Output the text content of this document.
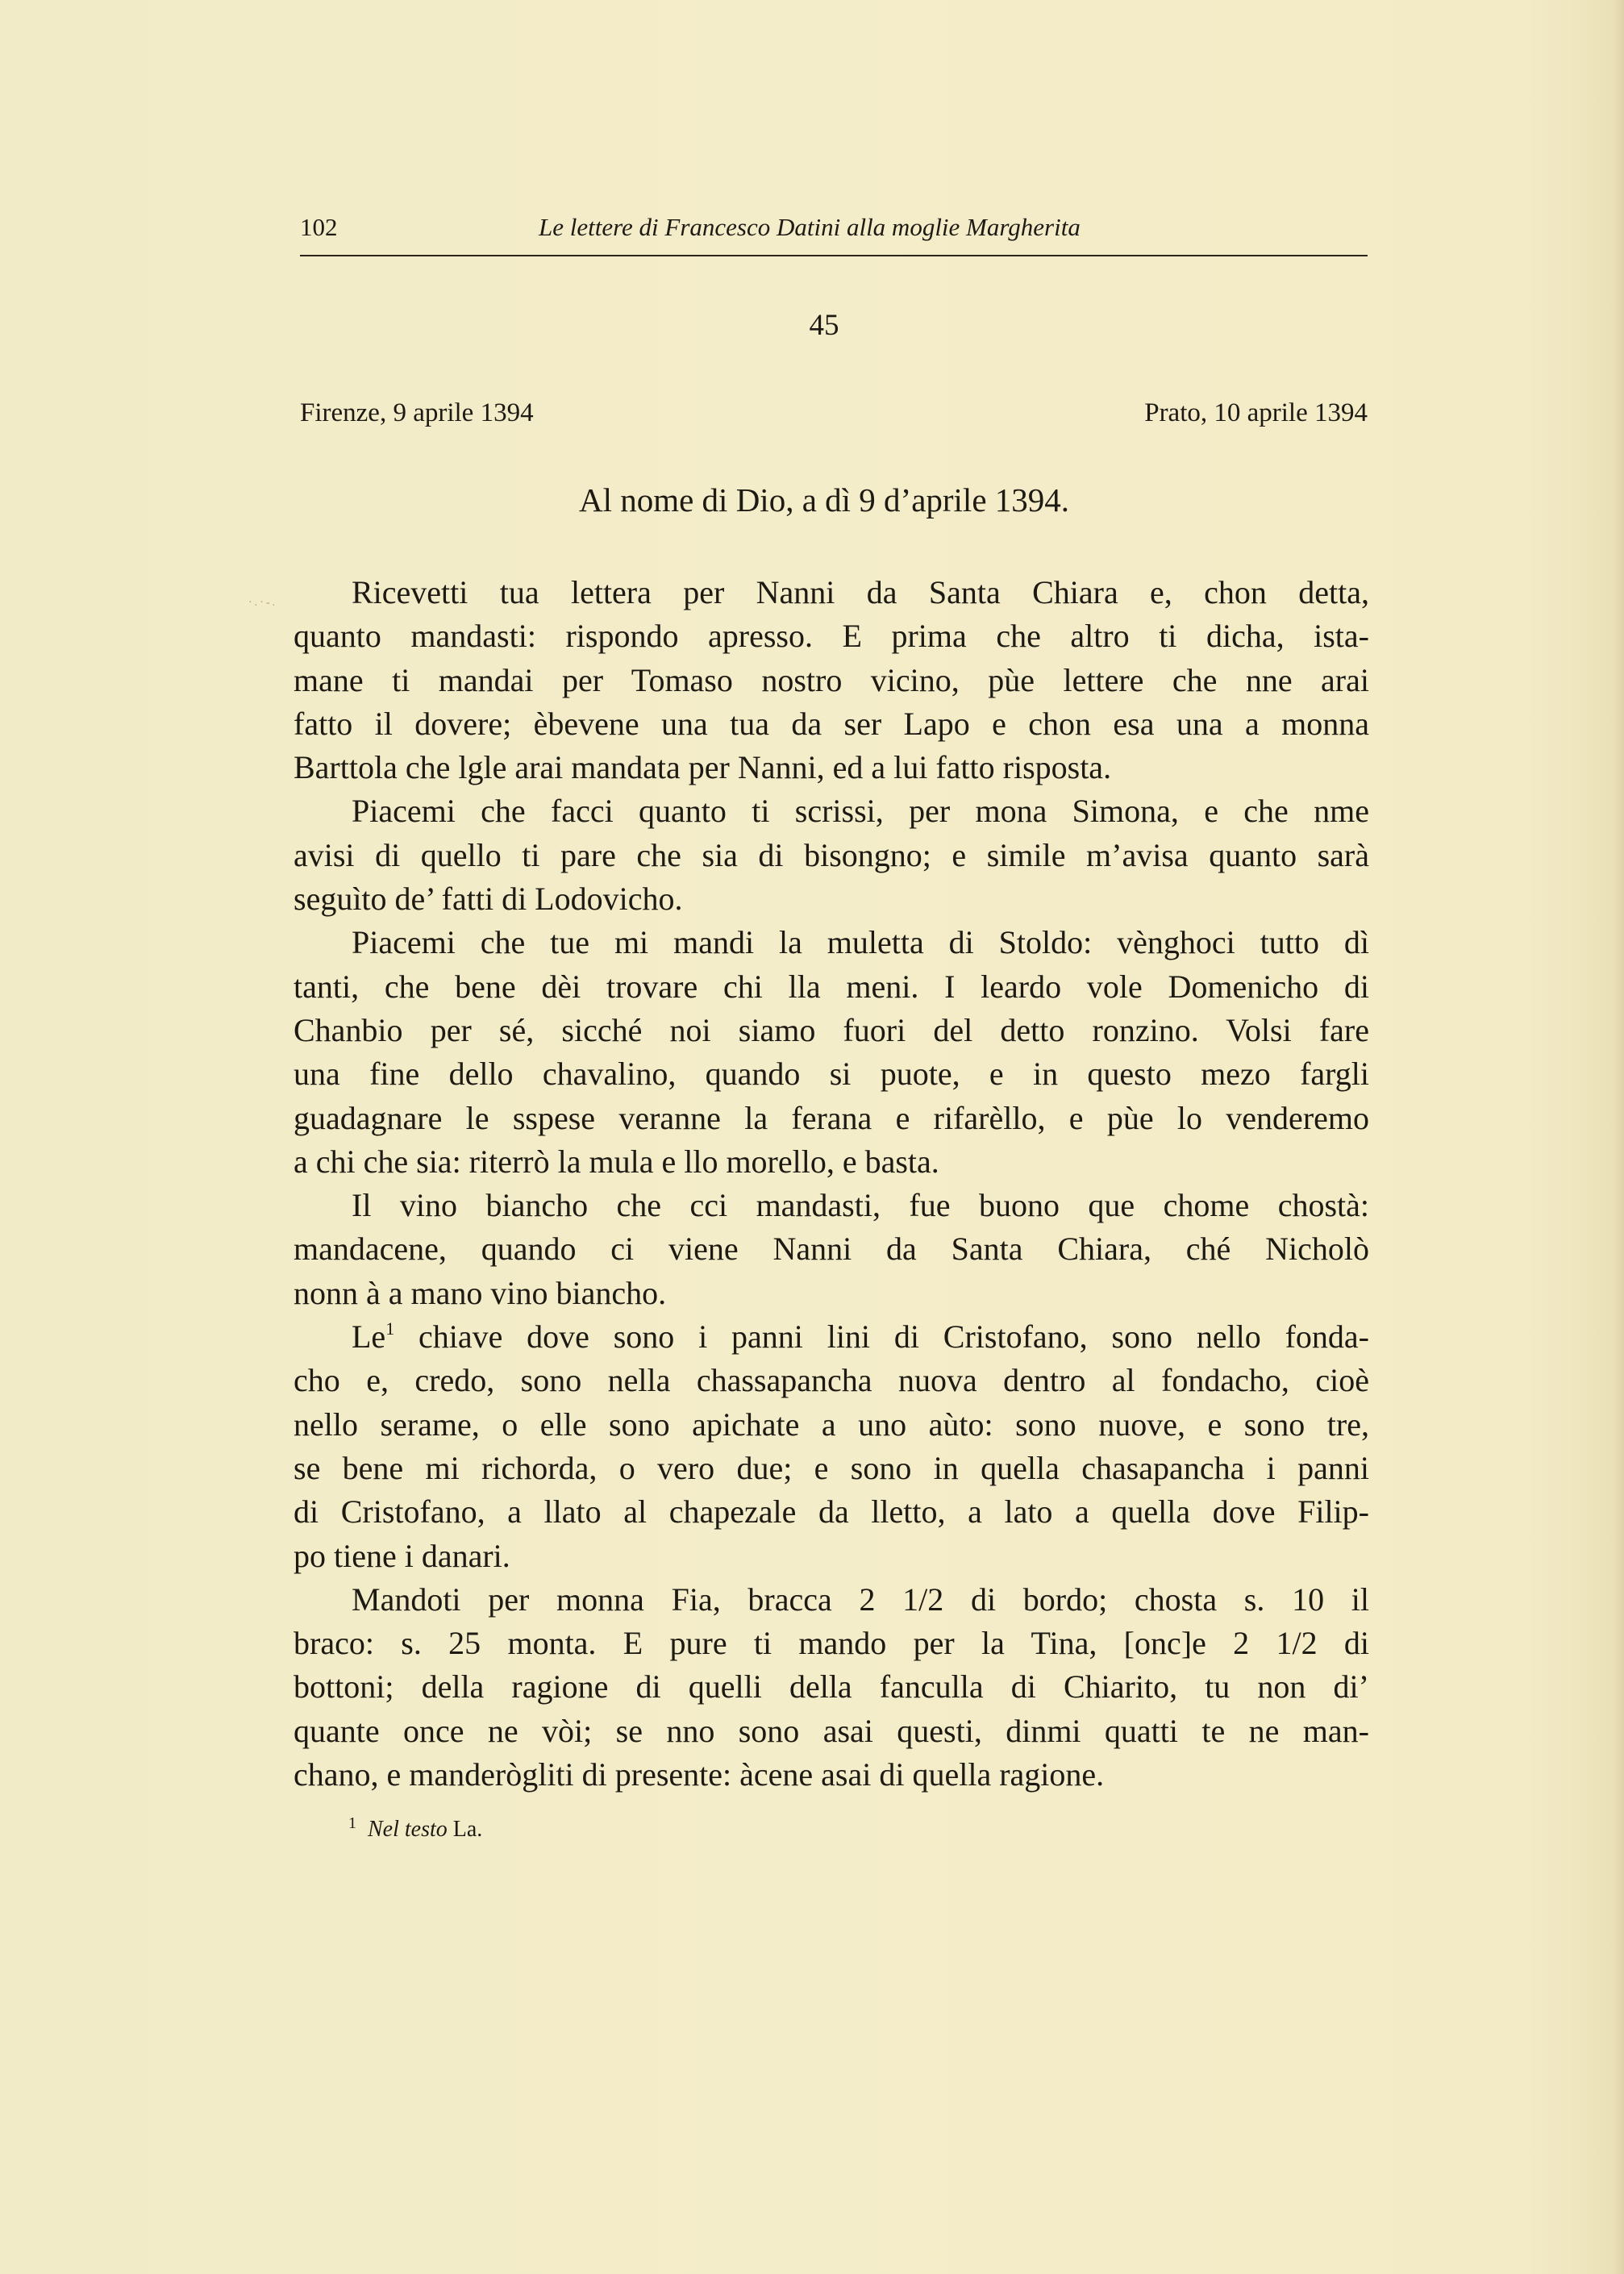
102	Le lettere di Francesco Datini alla moglie Margherita
45
Firenze, 9 aprile 1394	Prato, 10 aprile 1394
Al nome di Dio, a dì 9 d’aprile 1394.
·.·‐.	Ricevetti tua lettera per Nanni da Santa Chiara e, chon detta,
quanto mandasti: rispondo apresso. E prima che altro ti dicha, ista-
mane ti mandai per Tomaso nostro vicino, pùe lettere che nne arai
fatto il dovere; èbevene una tua da ser Lapo e chon esa una a monna
Barttola che lgle arai mandata per Nanni, ed a lui fatto risposta.

Piacemi che facci quanto ti scrissi, per mona Simona, e che nme
avisi di quello ti pare che sia di bisongno; e simile m’avisa quanto sarà
seguìto de’ fatti di Lodovicho.

Piacemi che tue mi mandi la muletta di Stoldo: vènghoci tutto dì
tanti, che bene dèi trovare chi lla meni. I leardo vole Domenicho di
Chanbio per sé, sicché noi siamo fuori del detto ronzino. Volsi fare
una fine dello chavalino, quando si puote, e in questo mezo fargli
guadagnare le sspese veranne la ferana e rifarèllo, e pùe lo venderemo
a chi che sia: riterrò la mula e llo morello, e basta.

Il vino biancho che cci mandasti, fue buono que chome chostà:
mandacene, quando ci viene Nanni da Santa Chiara, ché Nicholò
nonn à a mano vino biancho.

Le$^1$ chiave dove sono i panni lini di Cristofano, sono nello fonda-
cho e, credo, sono nella chassapancha nuova dentro al fondacho, cioè
nello serame, o elle sono apichate a uno aùto: sono nuove, e sono tre,
se bene mi richorda, o vero due; e sono in quella chasapancha i panni
di Cristofano, a llato al chapezale da lletto, a lato a quella dove Filip-
po tiene i danari.

Mandoti per monna Fia, bracca 2 1/2 di bordo; chosta s. 10 il
braco: s. 25 monta. E pure ti mando per la Tina, [onc]e 2 1/2 di
bottoni; della ragione di quelli della fanculla di Chiarito, tu non di’
quante once ne vòi; se nno sono asai questi, dinmi quatti te ne man-
chano, e manderògliti di presente: àcene asai di quella ragione.

$^1$ Nel testo La.
